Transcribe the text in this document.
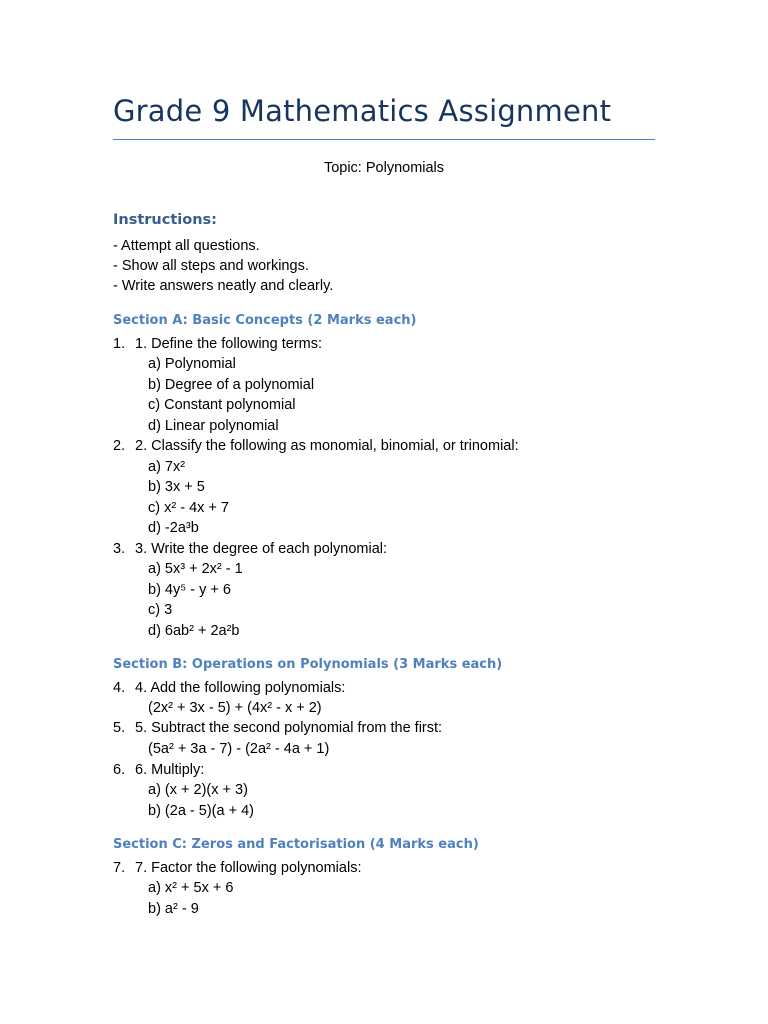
Grade 9 Mathematics Assignment
Topic: Polynomials
Instructions:
- Attempt all questions.
- Show all steps and workings.
- Write answers neatly and clearly.
Section A: Basic Concepts (2 Marks each)
1. 1. Define the following terms:
a) Polynomial
b) Degree of a polynomial
c) Constant polynomial
d) Linear polynomial
2. 2. Classify the following as monomial, binomial, or trinomial:
a) 7x²
b) 3x + 5
c) x² - 4x + 7
d) -2a³b
3. 3. Write the degree of each polynomial:
a) 5x³ + 2x² - 1
b) 4y⁵ - y + 6
c) 3
d) 6ab² + 2a²b
Section B: Operations on Polynomials (3 Marks each)
4. 4. Add the following polynomials:
(2x² + 3x - 5) + (4x² - x + 2)
5. 5. Subtract the second polynomial from the first:
(5a² + 3a - 7) - (2a² - 4a + 1)
6. 6. Multiply:
a) (x + 2)(x + 3)
b) (2a - 5)(a + 4)
Section C: Zeros and Factorisation (4 Marks each)
7. 7. Factor the following polynomials:
a) x² + 5x + 6
b) a² - 9
